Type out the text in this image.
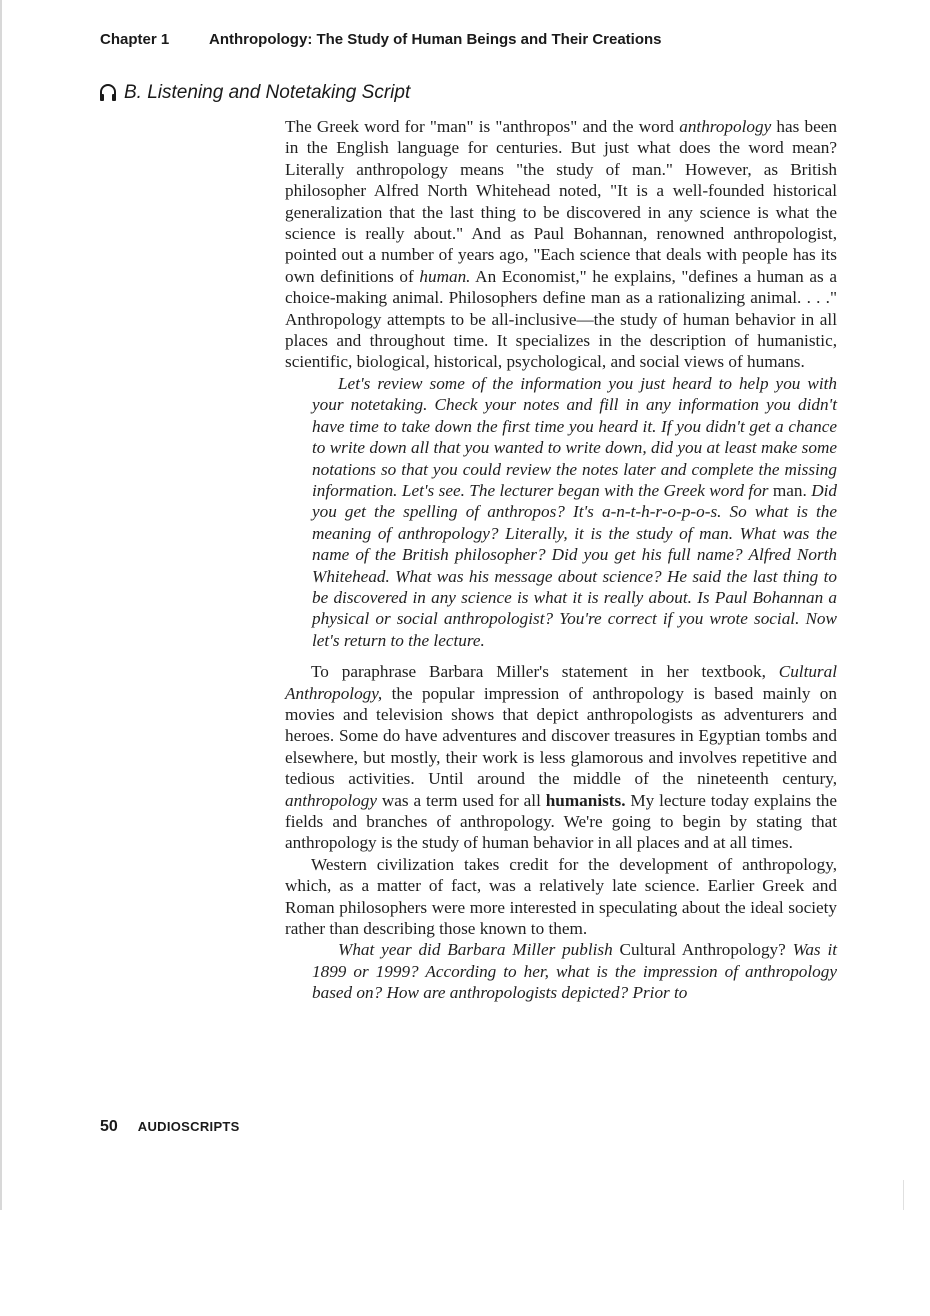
Chapter 1	Anthropology: The Study of Human Beings and Their Creations
B. Listening and Notetaking Script

The Greek word for "man" is "anthropos" and the word anthropology has been in the English language for centuries. But just what does the word mean? Literally anthropology means "the study of man." However, as British philosopher Alfred North Whitehead noted, "It is a well-founded historical generalization that the last thing to be discovered in any science is what the science is really about." And as Paul Bohannan, renowned anthropologist, pointed out a number of years ago, "Each science that deals with people has its own definitions of human. An Economist," he explains, "defines a human as a choice-making animal. Philosophers define man as a rationalizing animal. . . ." Anthropology attempts to be all-inclusive—the study of human behavior in all places and throughout time. It specializes in the description of humanistic, scientific, biological, historical, psychological, and social views of humans.

Let's review some of the information you just heard to help you with your notetaking. Check your notes and fill in any information you didn't have time to take down the first time you heard it. If you didn't get a chance to write down all that you wanted to write down, did you at least make some notations so that you could review the notes later and complete the missing information. Let's see. The lecturer began with the Greek word for man. Did you get the spelling of anthropos? It's a-n-t-h-r-o-p-o-s. So what is the meaning of anthropology? Literally, it is the study of man. What was the name of the British philosopher? Did you get his full name? Alfred North Whitehead. What was his message about science? He said the last thing to be discovered in any science is what it is really about. Is Paul Bohannan a physical or social anthropologist? You're correct if you wrote social. Now let's return to the lecture.

To paraphrase Barbara Miller's statement in her textbook, Cultural Anthropology, the popular impression of anthropology is based mainly on movies and television shows that depict anthropologists as adventurers and heroes. Some do have adventures and discover treasures in Egyptian tombs and elsewhere, but mostly, their work is less glamorous and involves repetitive and tedious activities. Until around the middle of the nineteenth century, anthropology was a term used for all humanists. My lecture today explains the fields and branches of anthropology. We're going to begin by stating that anthropology is the study of human behavior in all places and at all times.

Western civilization takes credit for the development of anthropology, which, as a matter of fact, was a relatively late science. Earlier Greek and Roman philosophers were more interested in speculating about the ideal society rather than describing those known to them.

What year did Barbara Miller publish Cultural Anthropology? Was it 1899 or 1999? According to her, what is the impression of anthropology based on? How are anthropologists depicted? Prior to

50 AUDIOSCRIPTS
